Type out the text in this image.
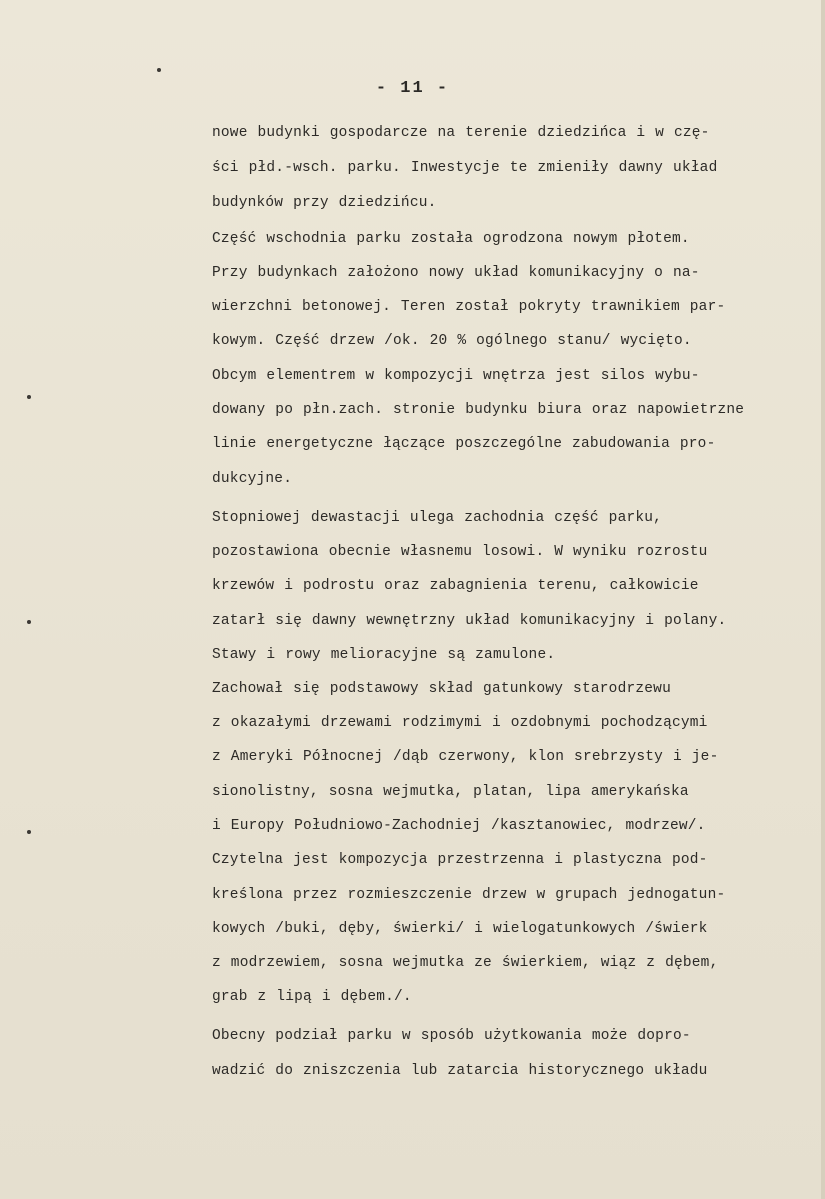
- 11 -
nowe budynki gospodarcze na terenie dziedzińca i w czę-
ści płd.-wsch. parku. Inwestycje te zmieniły dawny układ
budynków przy dziedzińcu.
Część wschodnia parku została ogrodzona nowym płotem.
Przy budynkach założono nowy układ komunikacyjny o na-
wierzchni betonowej. Teren został pokryty trawnikiem par-
kowym. Część drzew /ok. 20 % ogólnego stanu/ wycięto.
Obcym elementrem w kompozycji wnętrza jest silos wybu-
dowany po płn.zach. stronie budynku biura oraz napowietrzne
linie energetyczne łączące poszczególne zabudowania pro-
dukcyjne.
Stopniowej dewastacji ulega zachodnia część parku,
pozostawiona obecnie własnemu losowi. W wyniku rozrostu
krzewów i podrostu oraz zabagnienia terenu, całkowicie
zatarł się dawny wewnętrzny układ komunikacyjny i polany.
Stawy i rowy melioracyjne są zamulone.
Zachował się podstawowy skład gatunkowy starodrzewu
z okazałymi drzewami rodzimymi i ozdobnymi pochodzącymi
z Ameryki Północnej /dąb czerwony, klon srebrzysty i je-
sionolistny, sosna wejmutka, platan, lipa amerykańska
i Europy Południowo-Zachodniej /kasztanowiec, modrzew/.
Czytelna jest kompozycja przestrzenna i plastyczna pod-
kreślona przez rozmieszczenie drzew w grupach jednogatun-
kowych /buki, dęby, świerki/ i wielogatunkowych /świerk
z modrzewiem, sosna wejmutka ze świerkiem, wiąz z dębem,
grab z lipą i dębem./.
Obecny podział parku w sposób użytkowania może dopro-
wadzić do zniszczenia lub zatarcia historycznego układu
